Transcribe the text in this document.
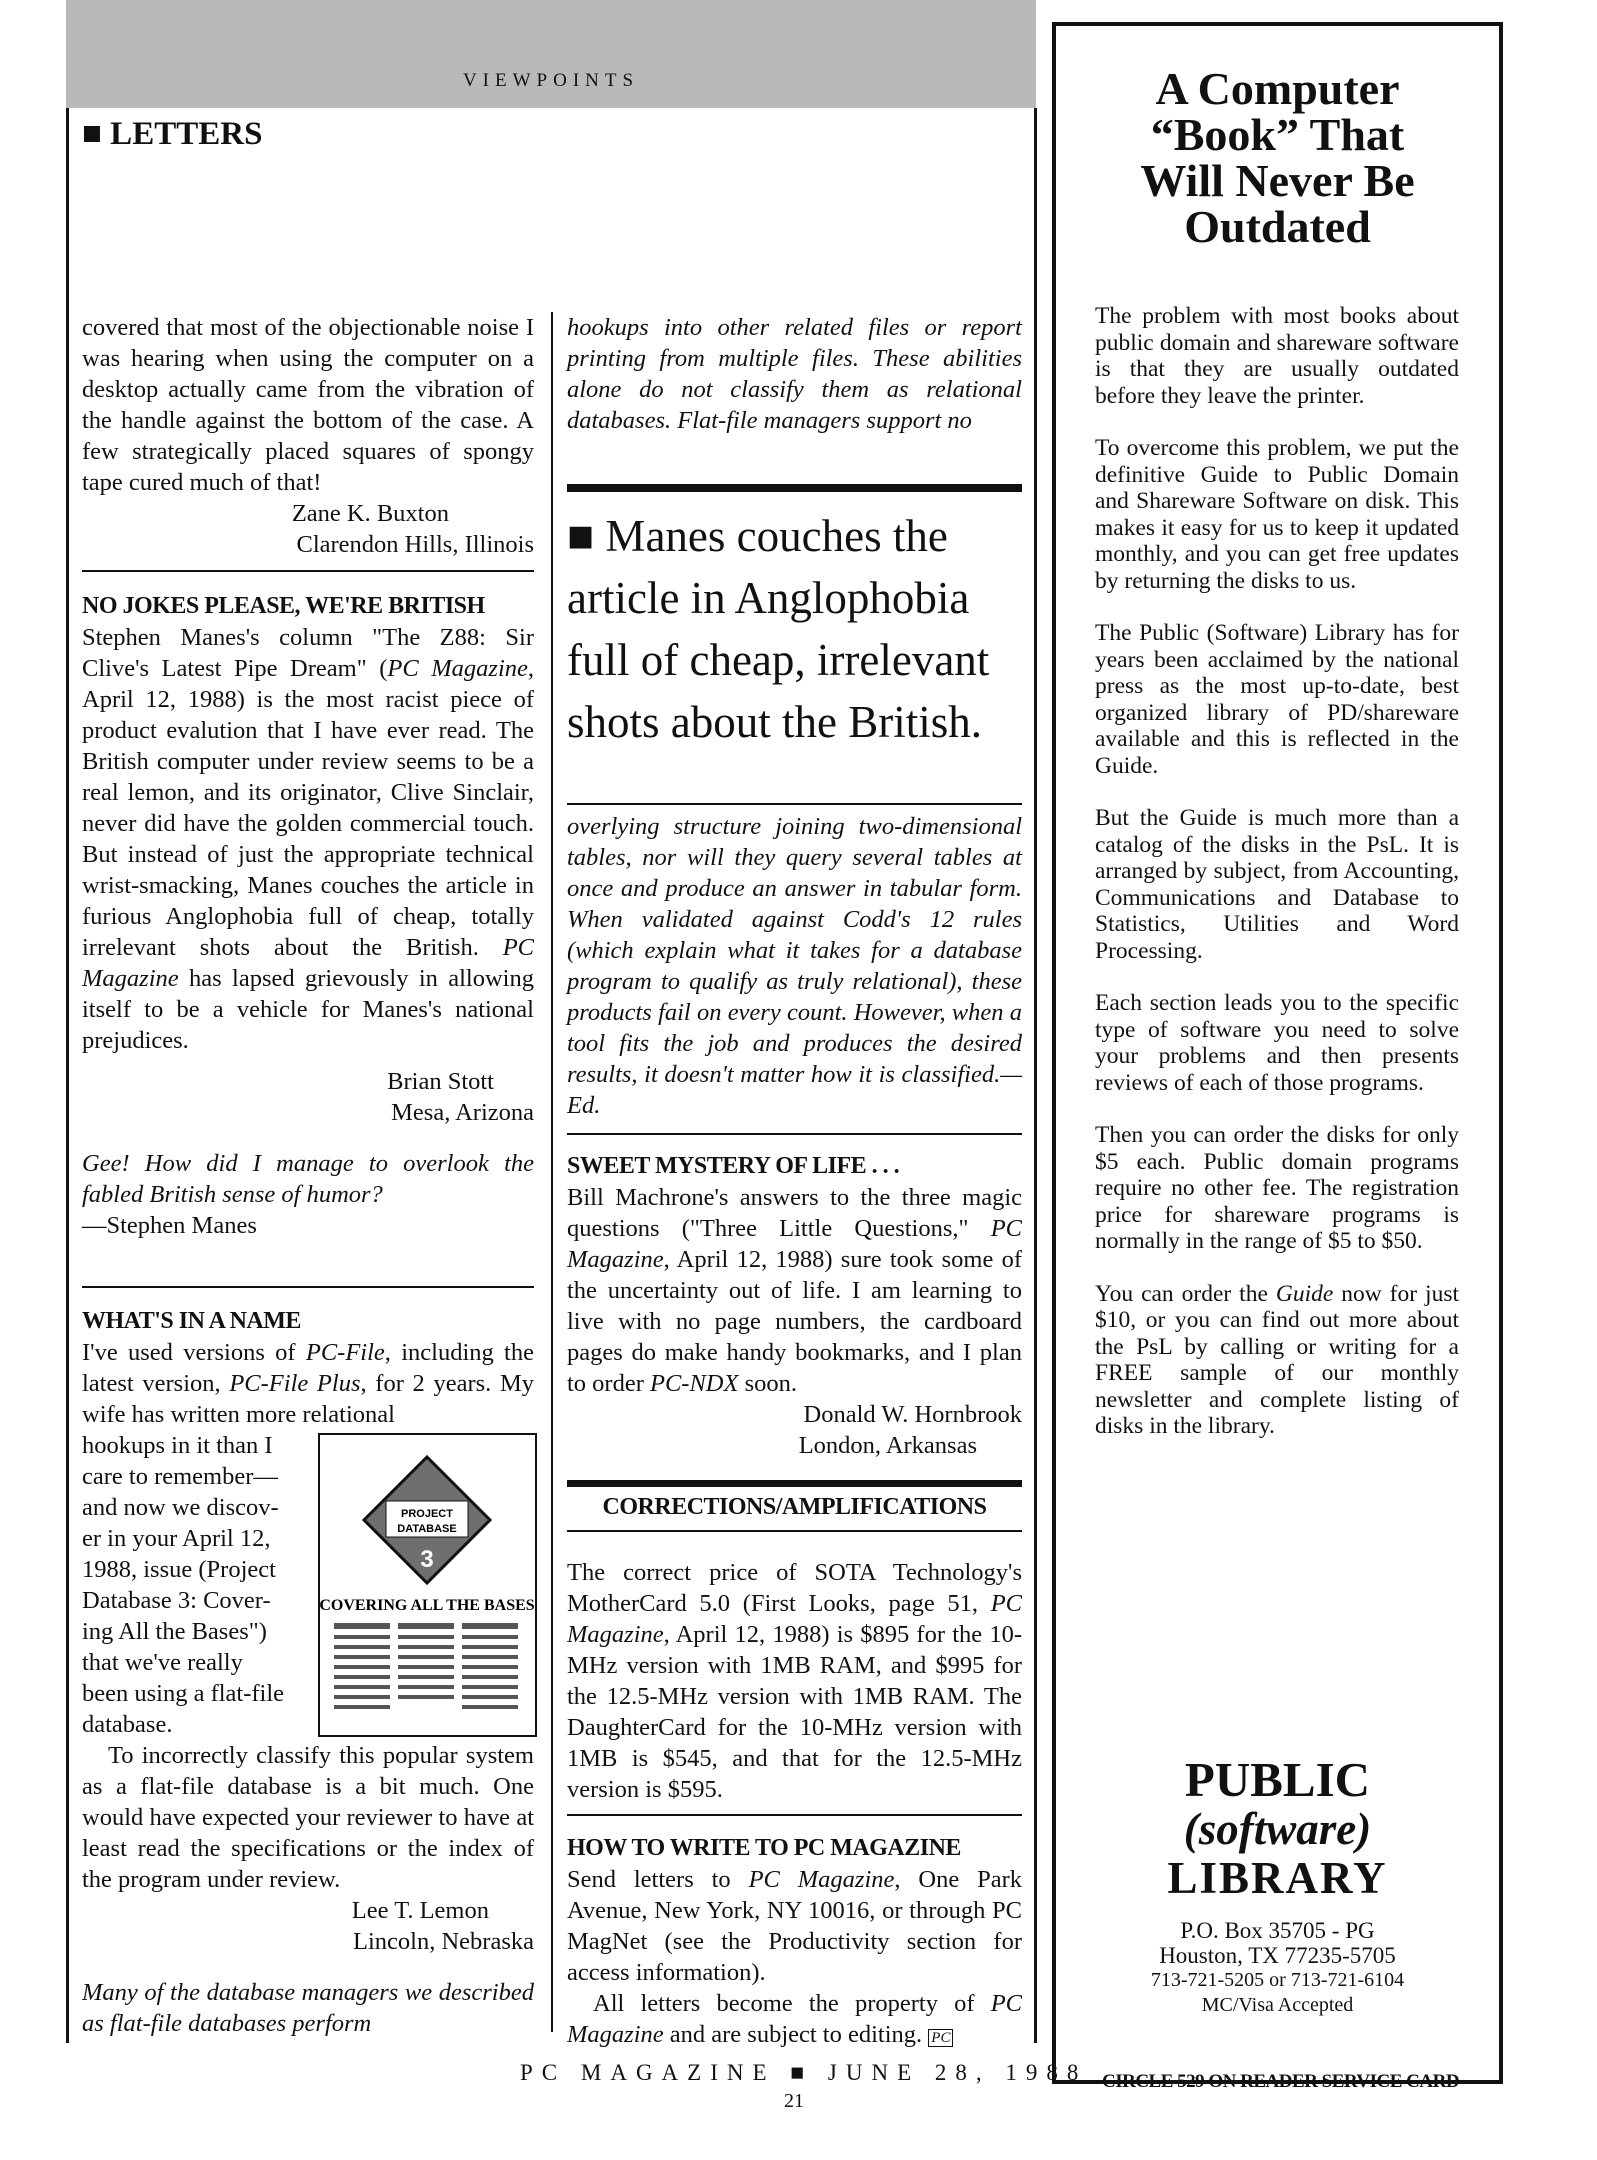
VIEWPOINTS
■ LETTERS

covered that most of the objectionable noise I was hearing when using the computer on a desktop actually came from the vibration of the handle against the bottom of the case. A few strategically placed squares of spongy tape cured much of that!

Zane K. Buxton

Clarendon Hills, Illinois

NO JOKES PLEASE, WE'RE BRITISH

Stephen Manes's column "The Z88: Sir Clive's Latest Pipe Dream" (PC Magazine, April 12, 1988) is the most racist piece of product evalution that I have ever read. The British computer under review seems to be a real lemon, and its originator, Clive Sinclair, never did have the golden commercial touch. But instead of just the appropriate technical wrist-smacking, Manes couches the article in furious Anglophobia full of cheap, totally irrelevant shots about the British. PC Magazine has lapsed grievously in allowing itself to be a vehicle for Manes's national prejudices.

Brian Stott

Mesa, Arizona

Gee! How did I manage to overlook the fabled British sense of humor?

—Stephen Manes

WHAT'S IN A NAME

I've used versions of PC-File, including the latest version, PC-File Plus, for 2 years. My wife has written more relational

hookups in it than I
care to remember—
and now we discov-
er in your April 12,
1988, issue (Project
Database 3: Cover-
ing All the Bases")
that we've really
been using a flat-file
database.

To incorrectly classify this popular system as a flat-file database is a bit much. One would have expected your reviewer to have at least read the specifications or the index of the program under review.

Lee T. Lemon

Lincoln, Nebraska

Many of the database managers we described as flat-file databases perform

PROJECT
DATABASE
3
COVERING ALL THE BASES

hookups into other related files or report printing from multiple files. These abilities alone do not classify them as relational databases. Flat-file managers support no

■ Manes couches the article in Anglophobia full of cheap, irrelevant shots about the British.

overlying structure joining two-dimensional tables, nor will they query several tables at once and produce an answer in tabular form. When validated against Codd's 12 rules (which explain what it takes for a database program to qualify as truly relational), these products fail on every count. However, when a tool fits the job and produces the desired results, it doesn't matter how it is classified.—Ed.

SWEET MYSTERY OF LIFE . . .

Bill Machrone's answers to the three magic questions ("Three Little Questions," PC Magazine, April 12, 1988) sure took some of the uncertainty out of life. I am learning to live with no page numbers, the cardboard pages do make handy bookmarks, and I plan to order PC-NDX soon.

Donald W. Hornbrook

London, Arkansas

CORRECTIONS/AMPLIFICATIONS

The correct price of SOTA Technology's MotherCard 5.0 (First Looks, page 51, PC Magazine, April 12, 1988) is $895 for the 10-MHz version with 1MB RAM, and $995 for the 12.5-MHz version with 1MB RAM. The DaughterCard for the 10-MHz version with 1MB is $545, and that for the 12.5-MHz version is $595.

HOW TO WRITE TO PC MAGAZINE

Send letters to PC Magazine, One Park Avenue, New York, NY 10016, or through PC MagNet (see the Productivity section for access information).

All letters become the property of PC Magazine and are subject to editing. PC

A Computer
“Book” That
Will Never Be
Outdated

The problem with most books about public domain and shareware software is that they are usually outdated before they leave the printer.

To overcome this problem, we put the definitive Guide to Public Domain and Shareware Software on disk. This makes it easy for us to keep it updated monthly, and you can get free updates by returning the disks to us.

The Public (Software) Library has for years been acclaimed by the national press as the most up-to-date, best organized library of PD/shareware available and this is reflected in the Guide.

But the Guide is much more than a catalog of the disks in the PsL. It is arranged by subject, from Accounting, Communications and Database to Statistics, Utilities and Word Processing.

Each section leads you to the specific type of software you need to solve your problems and then presents reviews of each of those programs.

Then you can order the disks for only $5 each. Public domain programs require no other fee. The registration price for shareware programs is normally in the range of $5 to $50.

You can order the Guide now for just $10, or you can find out more about the PsL by calling or writing for a FREE sample of our monthly newsletter and complete listing of disks in the library.

PUBLIC
(software)
LIBRARY
P.O. Box 35705 - PG
Houston, TX 77235-5705
713-721-5205 or 713-721-6104
MC/Visa Accepted
PC MAGAZINE ■ JUNE 28, 1988
21
CIRCLE 529 ON READER SERVICE CARD
